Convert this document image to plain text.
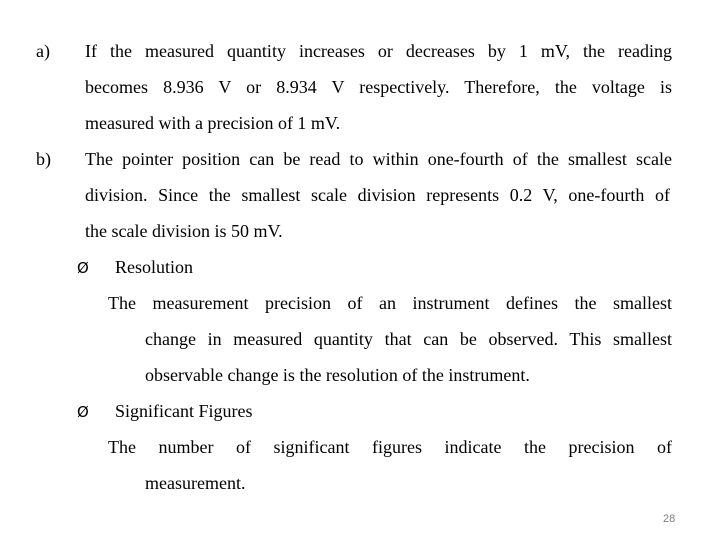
a) If the measured quantity increases or decreases by 1 mV, the reading
becomes 8.936 V or 8.934 V respectively. Therefore, the voltage is
measured with a precision of 1 mV.
b) The pointer position can be read to within one-fourth of the smallest scale
division. Since the smallest scale division represents 0.2 V, one-fourth of
the scale division is 50 mV.
Ø Resolution
The measurement precision of an instrument defines the smallest
change in measured quantity that can be observed. This smallest
observable change is the resolution of the instrument.
Ø Significant Figures
The number of significant figures indicate the precision of
measurement.
28
